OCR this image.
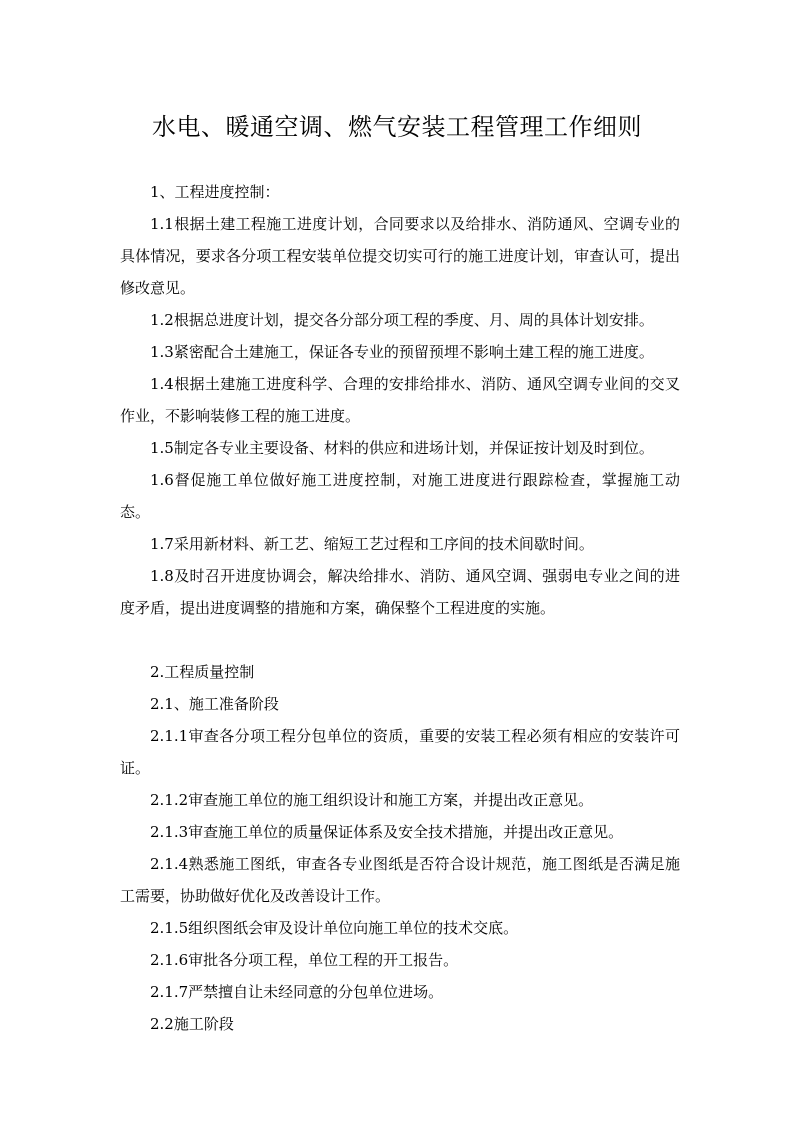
水电、暖通空调、燃气安装工程管理工作细则

1、工程进度控制：

1.1根据土建工程施工进度计划，合同要求以及给排水、消防通风、空调专业的具体情况，要求各分项工程安装单位提交切实可行的施工进度计划，审查认可，提出修改意见。

1.2根据总进度计划，提交各分部分项工程的季度、月、周的具体计划安排。

1.3紧密配合土建施工，保证各专业的预留预埋不影响土建工程的施工进度。

1.4根据土建施工进度科学、合理的安排给排水、消防、通风空调专业间的交叉作业，不影响装修工程的施工进度。

1.5制定各专业主要设备、材料的供应和进场计划，并保证按计划及时到位。

1.6督促施工单位做好施工进度控制，对施工进度进行跟踪检查，掌握施工动态。

1.7采用新材料、新工艺、缩短工艺过程和工序间的技术间歇时间。

1.8及时召开进度协调会，解决给排水、消防、通风空调、强弱电专业之间的进度矛盾，提出进度调整的措施和方案，确保整个工程进度的实施。

2.工程质量控制

2.1、施工准备阶段

2.1.1审查各分项工程分包单位的资质，重要的安装工程必须有相应的安装许可证。

2.1.2审查施工单位的施工组织设计和施工方案，并提出改正意见。

2.1.3审查施工单位的质量保证体系及安全技术措施，并提出改正意见。

2.1.4熟悉施工图纸，审查各专业图纸是否符合设计规范，施工图纸是否满足施工需要，协助做好优化及改善设计工作。

2.1.5组织图纸会审及设计单位向施工单位的技术交底。

2.1.6审批各分项工程，单位工程的开工报告。

2.1.7严禁擅自让未经同意的分包单位进场。

2.2施工阶段
